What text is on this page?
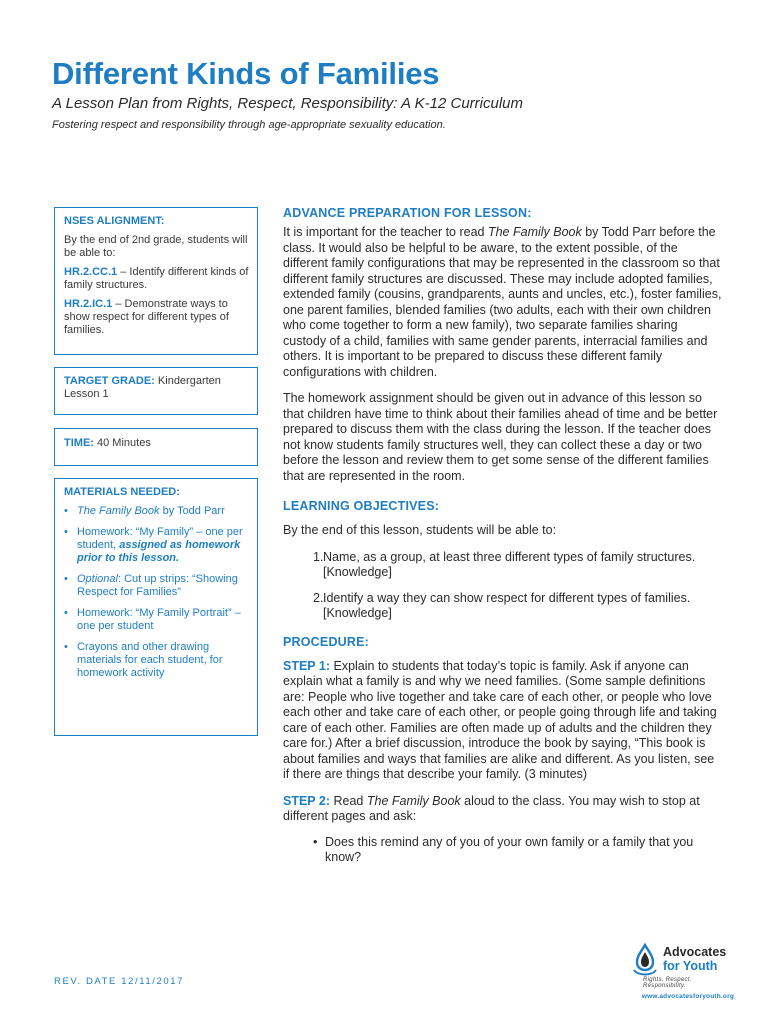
Different Kinds of Families
A Lesson Plan from Rights, Respect, Responsibility: A K-12 Curriculum
Fostering respect and responsibility through age-appropriate sexuality education.
NSES ALIGNMENT:

By the end of 2nd grade, students will be able to:

HR.2.CC.1 – Identify different kinds of family structures.

HR.2.IC.1 – Demonstrate ways to show respect for different types of families.

TARGET GRADE: Kindergarten
Lesson 1
TIME: 40 Minutes
MATERIALS NEEDED:
• The Family Book by Todd Parr
• Homework: “My Family” – one per student, assigned as homework prior to this lesson.
• Optional: Cut up strips: “Showing Respect for Families”
• Homework: “My Family Portrait” – one per student
• Crayons and other drawing materials for each student, for homework activity
ADVANCE PREPARATION FOR LESSON:

It is important for the teacher to read The Family Book by Todd Parr before the class. It would also be helpful to be aware, to the extent possible, of the different family configurations that may be represented in the classroom so that different family structures are discussed. These may include adopted families, extended family (cousins, grandparents, aunts and uncles, etc.), foster families, one parent families, blended families (two adults, each with their own children who come together to form a new family), two separate families sharing custody of a child, families with same gender parents, interracial families and others. It is important to be prepared to discuss these different family configurations with children.

The homework assignment should be given out in advance of this lesson so that children have time to think about their families ahead of time and be better prepared to discuss them with the class during the lesson. If the teacher does not know students family structures well, they can collect these a day or two before the lesson and review them to get some sense of the different families that are represented in the room.

LEARNING OBJECTIVES:

By the end of this lesson, students will be able to:

1. Name, as a group, at least three different types of family structures. [Knowledge]
2. Identify a way they can show respect for different types of families. [Knowledge]
PROCEDURE:

STEP 1: Explain to students that today’s topic is family. Ask if anyone can explain what a family is and why we need families. (Some sample definitions are: People who live together and take care of each other, or people who love each other and take care of each other, or people going through life and taking care of each other. Families are often made up of adults and the children they care for.) After a brief discussion, introduce the book by saying, “This book is about families and ways that families are alike and different. As you listen, see if there are things that describe your family. (3 minutes)

STEP 2: Read The Family Book aloud to the class. You may wish to stop at different pages and ask:

• Does this remind any of you of your own family or a family that you know?
REV. DATE 12/11/2017
Advocates
for Youth
Rights. Respect. Responsibility.
www.advocatesforyouth.org
